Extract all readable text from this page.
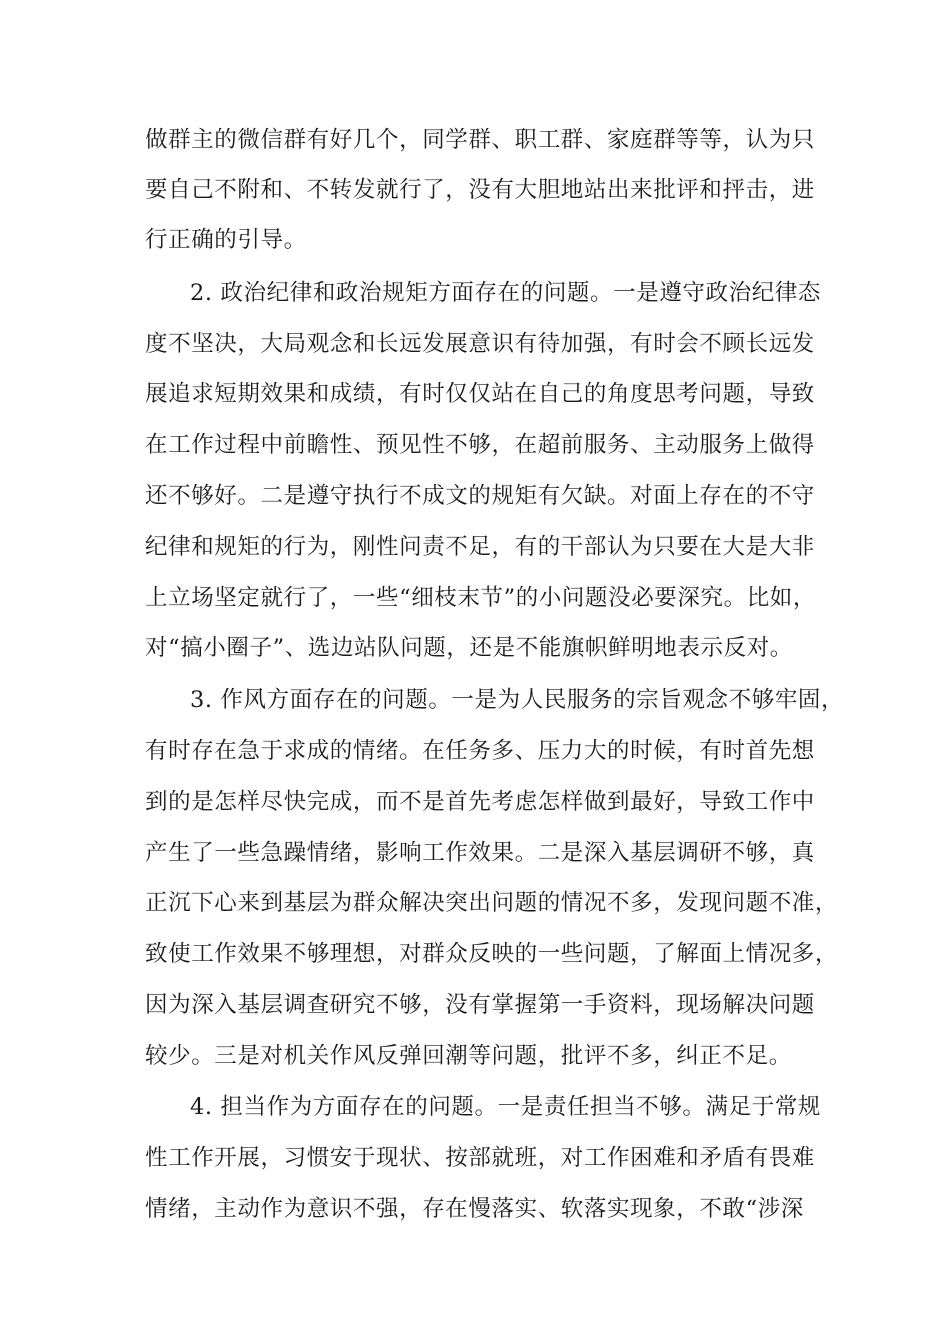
做群主的微信群有好几个，同学群、职工群、家庭群等等，认为只
要自己不附和、不转发就行了，没有大胆地站出来批评和抨击，进
行正确的引导。
2. 政治纪律和政治规矩方面存在的问题。一是遵守政治纪律态
度不坚决，大局观念和长远发展意识有待加强，有时会不顾长远发
展追求短期效果和成绩，有时仅仅站在自己的角度思考问题，导致
在工作过程中前瞻性、预见性不够，在超前服务、主动服务上做得
还不够好。二是遵守执行不成文的规矩有欠缺。对面上存在的不守
纪律和规矩的行为，刚性问责不足，有的干部认为只要在大是大非
上立场坚定就行了，一些“细枝末节”的小问题没必要深究。比如，
对“搞小圈子”、选边站队问题，还是不能旗帜鲜明地表示反对。
3. 作风方面存在的问题。一是为人民服务的宗旨观念不够牢固，
有时存在急于求成的情绪。在任务多、压力大的时候，有时首先想
到的是怎样尽快完成，而不是首先考虑怎样做到最好，导致工作中
产生了一些急躁情绪，影响工作效果。二是深入基层调研不够，真
正沉下心来到基层为群众解决突出问题的情况不多，发现问题不准，
致使工作效果不够理想，对群众反映的一些问题，了解面上情况多，
因为深入基层调查研究不够，没有掌握第一手资料，现场解决问题
较少。三是对机关作风反弹回潮等问题，批评不多，纠正不足。
4. 担当作为方面存在的问题。一是责任担当不够。满足于常规
性工作开展，习惯安于现状、按部就班，对工作困难和矛盾有畏难
情绪，主动作为意识不强，存在慢落实、软落实现象，不敢“涉深
